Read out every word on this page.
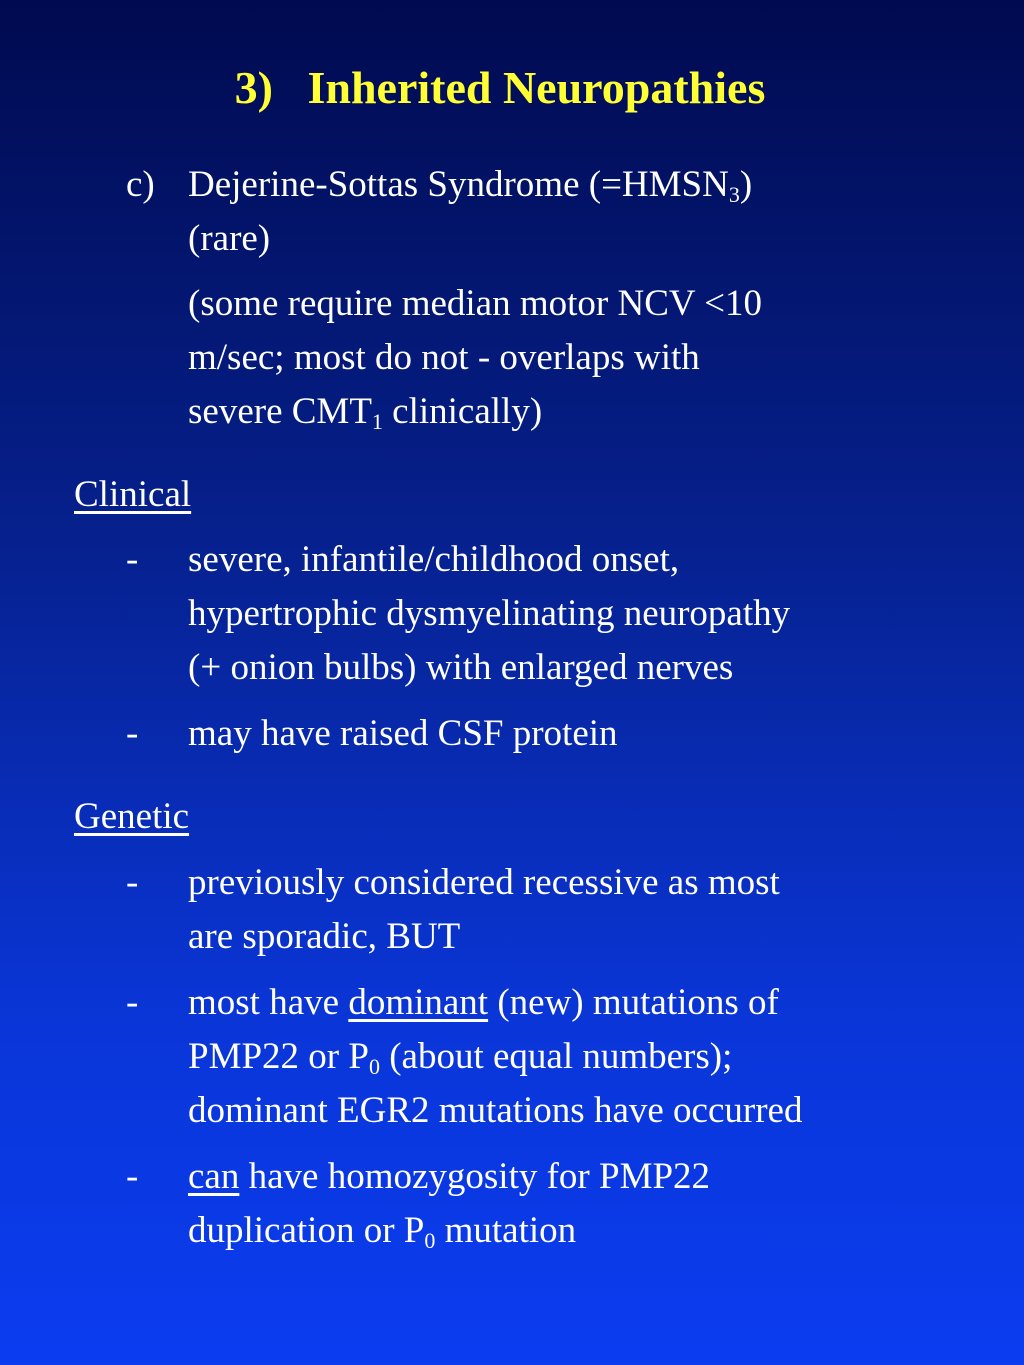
3)   Inherited Neuropathies
c) Dejerine-Sottas Syndrome $(=HMSN_3)$
(rare)
(some require median motor NCV <10
m/sec; most do not - overlaps with
severe $CMT_1$ clinically)
Clinical
- severe, infantile/childhood onset,
hypertrophic dysmyelinating neuropathy
(+ onion bulbs) with enlarged nerves
- may have raised CSF protein
Genetic
- previously considered recessive as most
are sporadic, BUT
- most have dominant (new) mutations of
PMP22 or $P_0$ (about equal numbers);
dominant EGR2 mutations have occurred
- can have homozygosity for PMP22
duplication or $P_0$ mutation
